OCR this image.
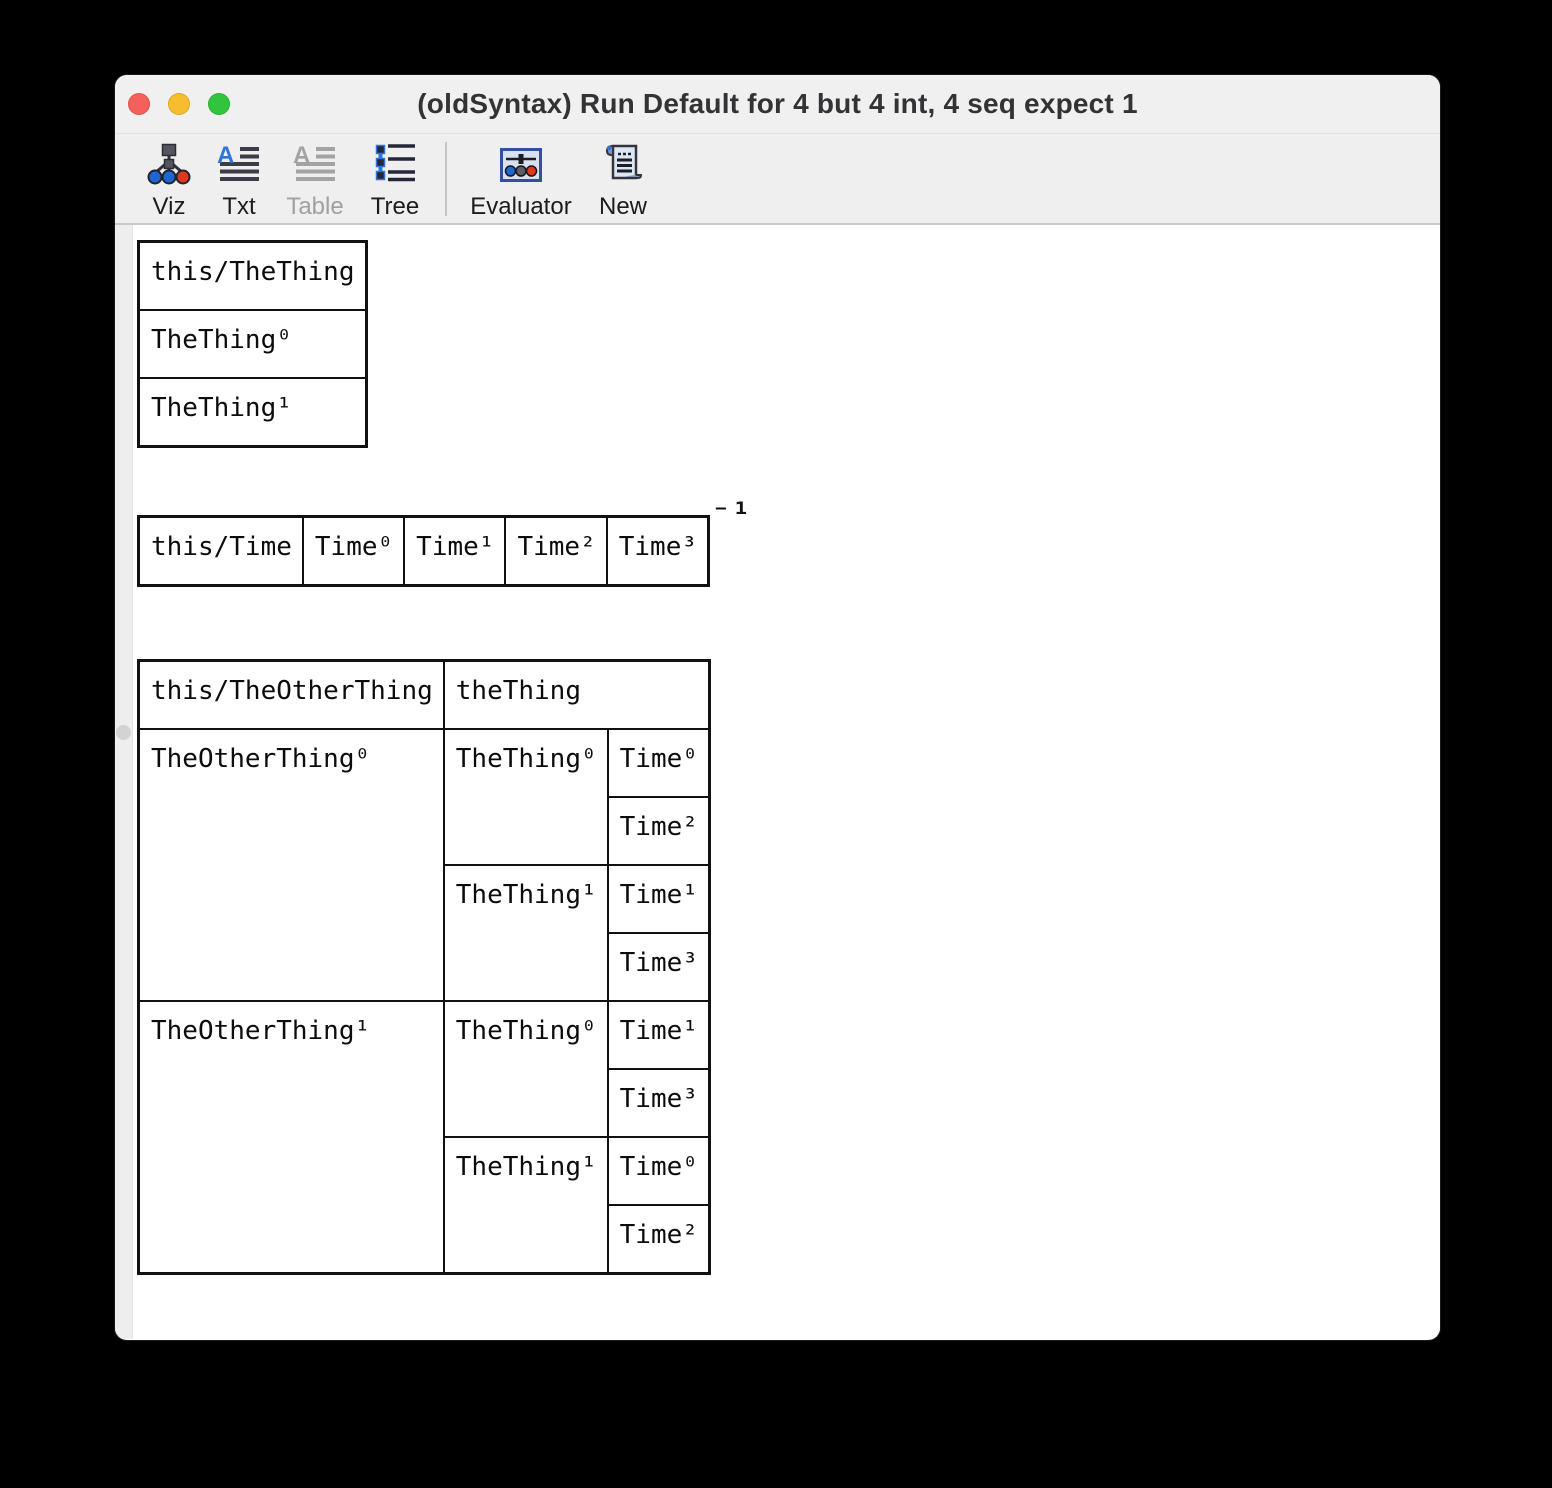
(oldSyntax) Run Default for 4 but 4 int, 4 seq expect 1
Viz
A
Txt
A
Table Tree Evaluator New
this/TheThing
TheThing⁰
TheThing¹
⁻¹
this/Time	Time⁰	Time¹	Time²	Time³
this/TheOtherThing	theThing	
TheOtherThing⁰	TheThing⁰	Time⁰
		Time²
	TheThing¹	Time¹
		Time³
TheOtherThing¹	TheThing⁰	Time¹
		Time³
	TheThing¹	Time⁰
		Time²
